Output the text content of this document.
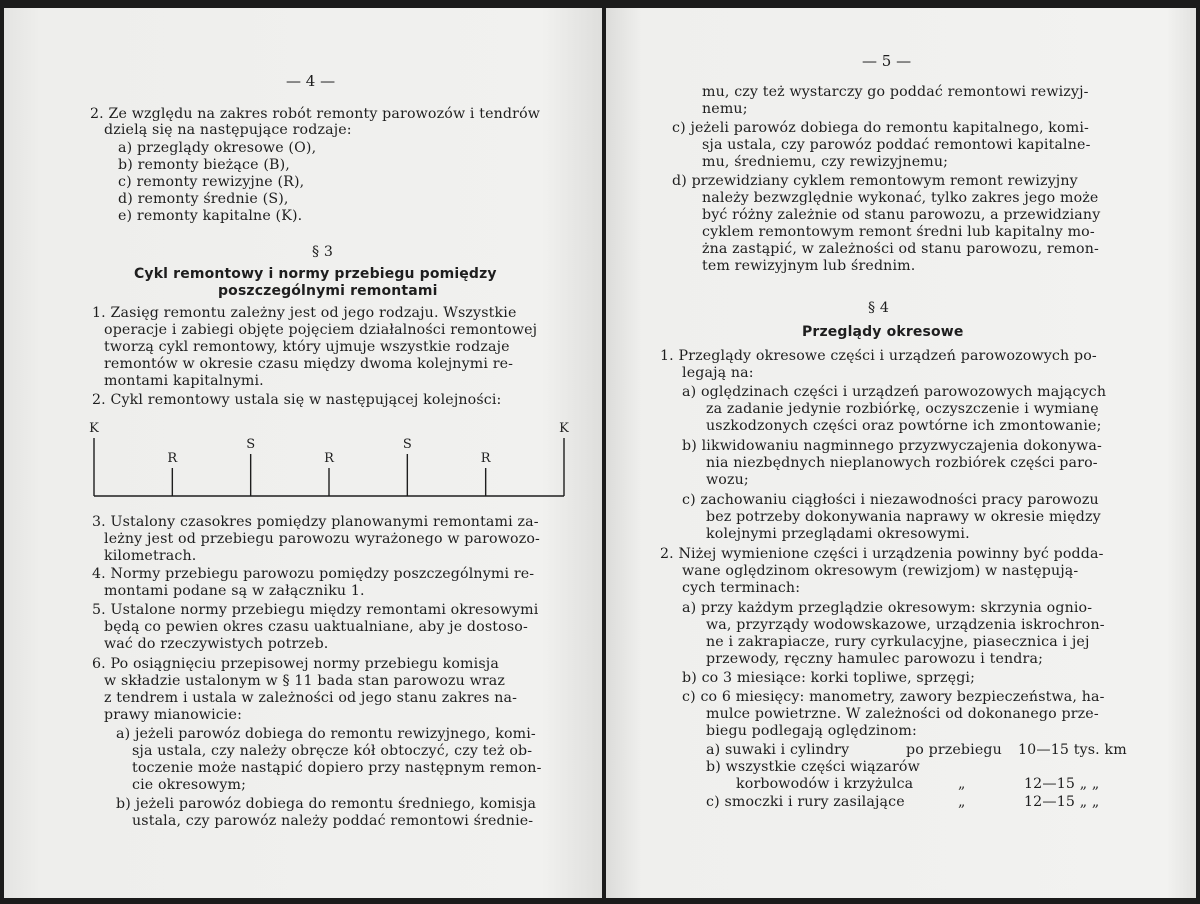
— 4 —
2. Ze względu na zakres robót remonty parowozów i tendrów
dzielą się na następujące rodzaje:
a) przeglądy okresowe (O),
b) remonty bieżące (B),
c) remonty rewizyjne (R),
d) remonty średnie (S),
e) remonty kapitalne (K).
§ 3
Cykl remontowy i normy przebiegu pomiędzy
poszczególnymi remontami
1. Zasięg remontu zależny jest od jego rodzaju. Wszystkie
operacje i zabiegi objęte pojęciem działalności remontowej
tworzą cykl remontowy, który ujmuje wszystkie rodzaje
remontów w okresie czasu między dwoma kolejnymi re-
montami kapitalnymi.
2. Cykl remontowy ustala się w następującej kolejności:
K
R
S
R
S
R
K
3. Ustalony czasokres pomiędzy planowanymi remontami za-
leżny jest od przebiegu parowozu wyrażonego w parowozo-
kilometrach.
4. Normy przebiegu parowozu pomiędzy poszczególnymi re-
montami podane są w załączniku 1.
5. Ustalone normy przebiegu między remontami okresowymi
będą co pewien okres czasu uaktualniane, aby je dostoso-
wać do rzeczywistych potrzeb.
6. Po osiągnięciu przepisowej normy przebiegu komisja
w składzie ustalonym w § 11 bada stan parowozu wraz
z tendrem i ustala w zależności od jego stanu zakres na-
prawy mianowicie:
a) jeżeli parowóz dobiega do remontu rewizyjnego, komi-
sja ustala, czy należy obręcze kół obtoczyć, czy też ob-
toczenie może nastąpić dopiero przy następnym remon-
cie okresowym;
b) jeżeli parowóz dobiega do remontu średniego, komisja
ustala, czy parowóz należy poddać remontowi średnie-
— 5 —
mu, czy też wystarczy go poddać remontowi rewizyj-
nemu;
c) jeżeli parowóz dobiega do remontu kapitalnego, komi-
sja ustala, czy parowóz poddać remontowi kapitalne-
mu, średniemu, czy rewizyjnemu;
d) przewidziany cyklem remontowym remont rewizyjny
należy bezwzględnie wykonać, tylko zakres jego może
być różny zależnie od stanu parowozu, a przewidziany
cyklem remontowym remont średni lub kapitalny mo-
żna zastąpić, w zależności od stanu parowozu, remon-
tem rewizyjnym lub średnim.
§ 4
Przeglądy okresowe
1. Przeglądy okresowe części i urządzeń parowozowych po-
legają na:
a) oględzinach części i urządzeń parowozowych mających
za zadanie jedynie rozbiórkę, oczyszczenie i wymianę
uszkodzonych części oraz powtórne ich zmontowanie;
b) likwidowaniu nagminnego przyzwyczajenia dokonywa-
nia niezbędnych nieplanowych rozbiórek części paro-
wozu;
c) zachowaniu ciągłości i niezawodności pracy parowozu
bez potrzeby dokonywania naprawy w okresie między
kolejnymi przeglądami okresowymi.
2. Niżej wymienione części i urządzenia powinny być podda-
wane oględzinom okresowym (rewizjom) w następują-
cych terminach:
a) przy każdym przeglądzie okresowym: skrzynia ognio-
wa, przyrządy wodowskazowe, urządzenia iskrochron-
ne i zakrapiacze, rury cyrkulacyjne, piasecznica i jej
przewody, ręczny hamulec parowozu i tendra;
b) co 3 miesiące: korki topliwe, sprzęgi;
c) co 6 miesięcy: manometry, zawory bezpieczeństwa, ha-
mulce powietrzne. W zależności od dokonanego prze-
biegu podlegają oględzinom:
a) suwaki i cylindry	po przebiegu 10—15 tys. km
b) wszystkie części wiązarów
korbowodów i krzyżulca	„	12—15 „ „
c) smoczki i rury zasilające	„	12—15 „ „
